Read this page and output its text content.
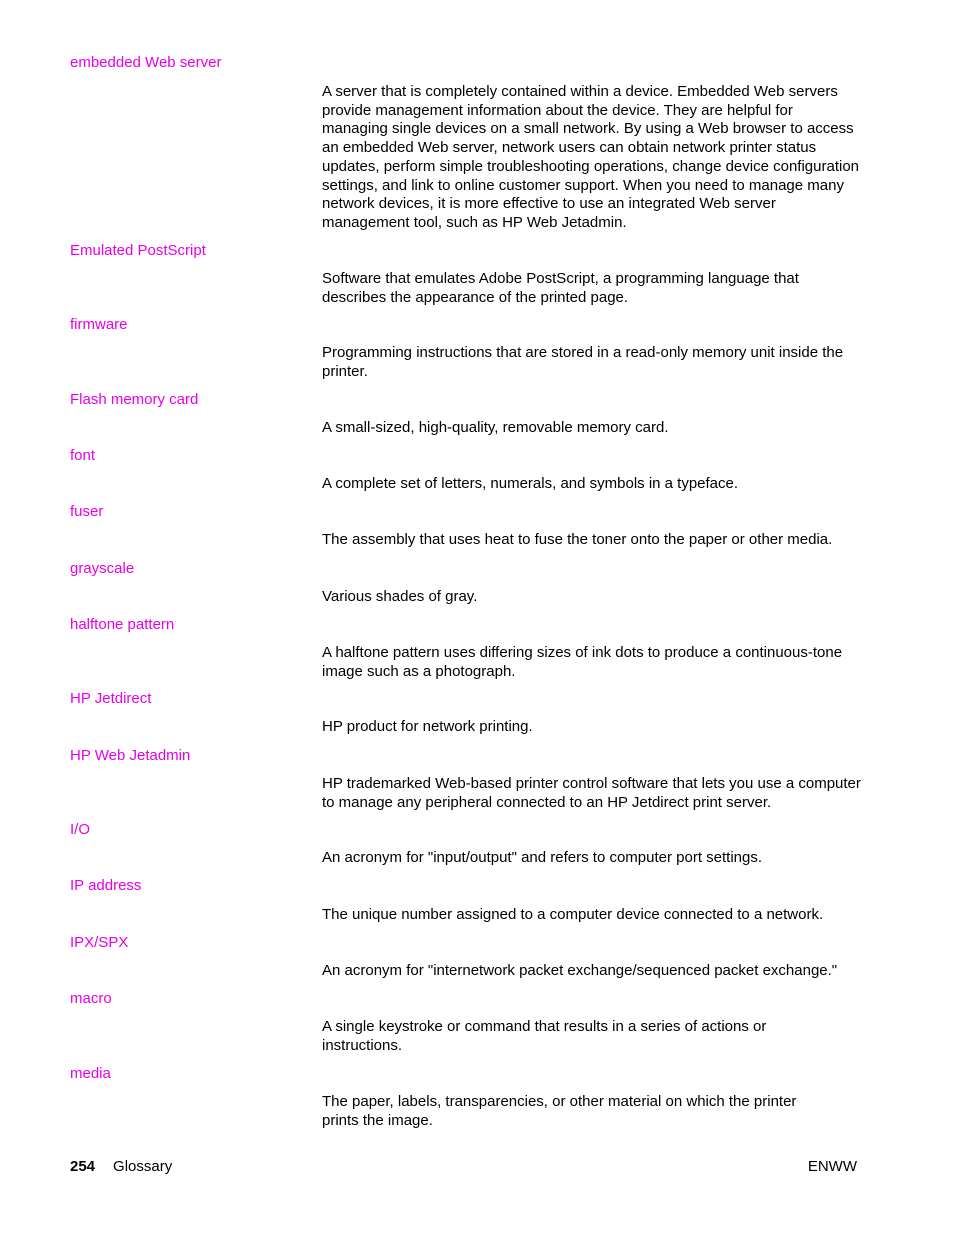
embedded Web server
A server that is completely contained within a device. Embedded Web servers provide management information about the device. They are helpful for managing single devices on a small network. By using a Web browser to access an embedded Web server, network users can obtain network printer status updates, perform simple troubleshooting operations, change device configuration settings, and link to online customer support. When you need to manage many network devices, it is more effective to use an integrated Web server management tool, such as HP Web Jetadmin.
Emulated PostScript
Software that emulates Adobe PostScript, a programming language that describes the appearance of the printed page.
firmware
Programming instructions that are stored in a read-only memory unit inside the printer.
Flash memory card
A small-sized, high-quality, removable memory card.
font
A complete set of letters, numerals, and symbols in a typeface.
fuser
The assembly that uses heat to fuse the toner onto the paper or other media.
grayscale
Various shades of gray.
halftone pattern
A halftone pattern uses differing sizes of ink dots to produce a continuous-tone image such as a photograph.
HP Jetdirect
HP product for network printing.
HP Web Jetadmin
HP trademarked Web-based printer control software that lets you use a computer to manage any peripheral connected to an HP Jetdirect print server.
I/O
An acronym for "input/output" and refers to computer port settings.
IP address
The unique number assigned to a computer device connected to a network.
IPX/SPX
An acronym for "internetwork packet exchange/sequenced packet exchange."
macro
A single keystroke or command that results in a series of actions or instructions.
media
The paper, labels, transparencies, or other material on which the printer prints the image.
254 Glossary	ENWW
